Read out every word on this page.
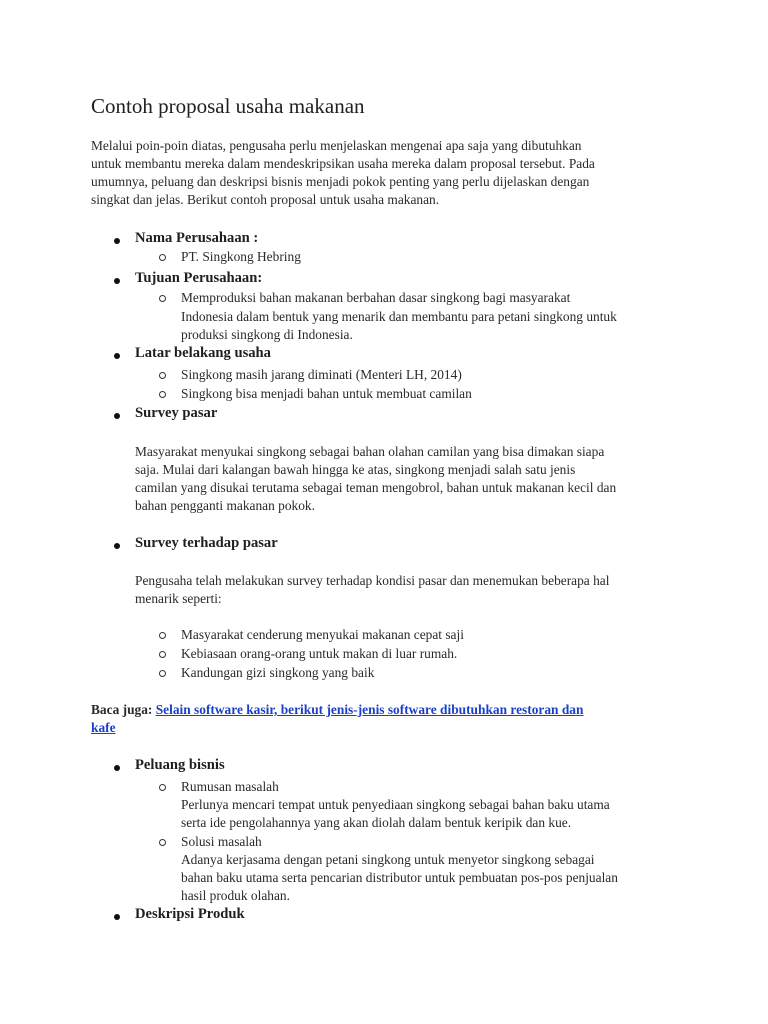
Contoh proposal usaha makanan
Melalui poin-poin diatas, pengusaha perlu menjelaskan mengenai apa saja yang dibutuhkan
untuk membantu mereka dalam mendeskripsikan usaha mereka dalam proposal tersebut. Pada
umumnya, peluang dan deskripsi bisnis menjadi pokok penting yang perlu dijelaskan dengan
singkat dan jelas. Berikut contoh proposal untuk usaha makanan.
Nama Perusahaan :
PT. Singkong Hebring
Tujuan Perusahaan:
Memproduksi bahan makanan berbahan dasar singkong bagi masyarakat
Indonesia dalam bentuk yang menarik dan membantu para petani singkong untuk
produksi singkong di Indonesia.
Latar belakang usaha
Singkong masih jarang diminati (Menteri LH, 2014)
Singkong bisa menjadi bahan untuk membuat camilan
Survey pasar
Masyarakat menyukai singkong sebagai bahan olahan camilan yang bisa dimakan siapa
saja. Mulai dari kalangan bawah hingga ke atas, singkong menjadi salah satu jenis
camilan yang disukai terutama sebagai teman mengobrol, bahan untuk makanan kecil dan
bahan pengganti makanan pokok.
Survey terhadap pasar
Pengusaha telah melakukan survey terhadap kondisi pasar dan menemukan beberapa hal
menarik seperti:
Masyarakat cenderung menyukai makanan cepat saji
Kebiasaan orang-orang untuk makan di luar rumah.
Kandungan gizi singkong yang baik
Baca juga: Selain software kasir, berikut jenis-jenis software dibutuhkan restoran dan
kafe
Peluang bisnis
Rumusan masalah
Perlunya mencari tempat untuk penyediaan singkong sebagai bahan baku utama
serta ide pengolahannya yang akan diolah dalam bentuk keripik dan kue.
Solusi masalah
Adanya kerjasama dengan petani singkong untuk menyetor singkong sebagai
bahan baku utama serta pencarian distributor untuk pembuatan pos-pos penjualan
hasil produk olahan.
Deskripsi Produk
